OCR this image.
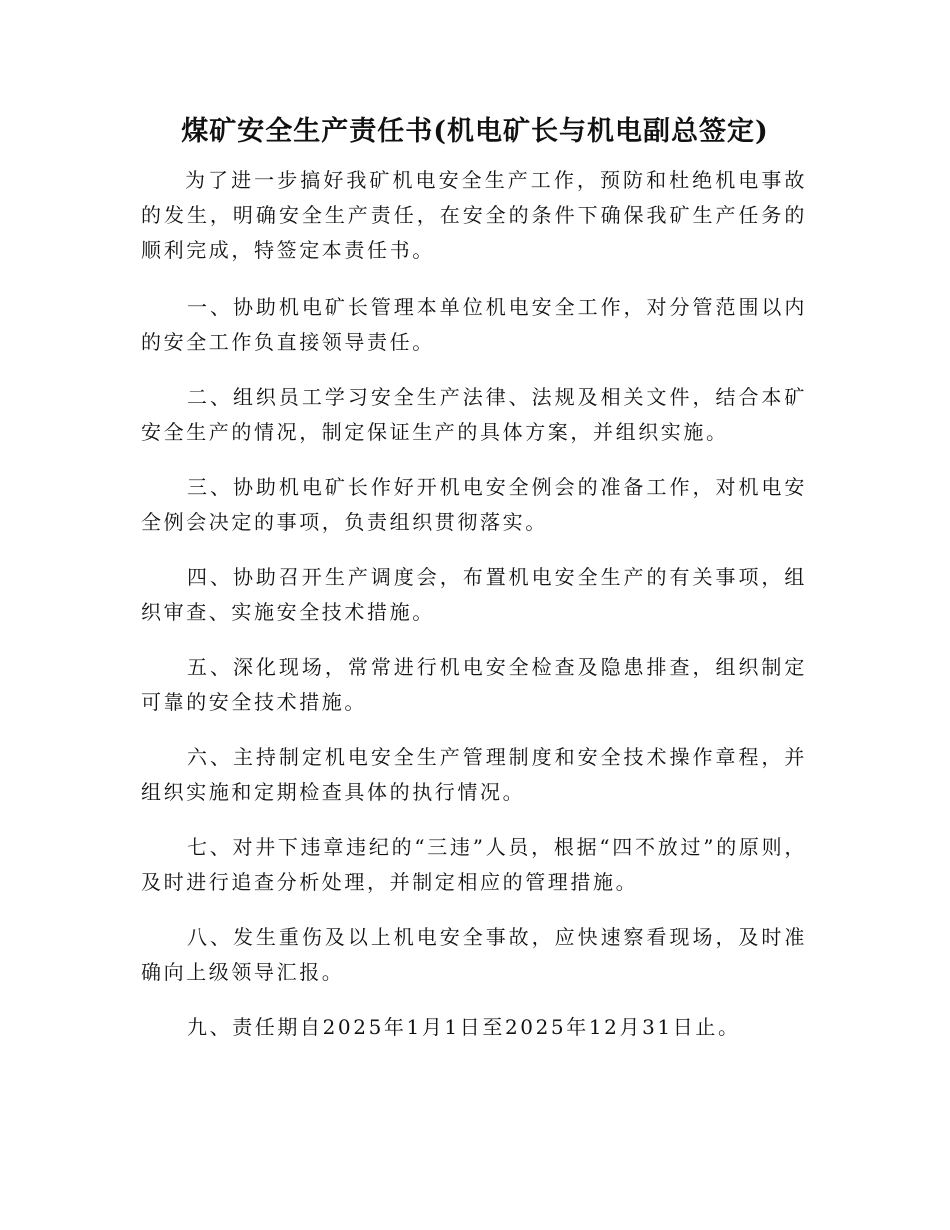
煤矿安全生产责任书(机电矿长与机电副总签定)

为了进一步搞好我矿机电安全生产工作，预防和杜绝机电事故的发生，明确安全生产责任，在安全的条件下确保我矿生产任务的顺利完成，特签定本责任书。

一、协助机电矿长管理本单位机电安全工作，对分管范围以内的安全工作负直接领导责任。

二、组织员工学习安全生产法律、法规及相关文件，结合本矿安全生产的情况，制定保证生产的具体方案，并组织实施。

三、协助机电矿长作好开机电安全例会的准备工作，对机电安全例会决定的事项，负责组织贯彻落实。

四、协助召开生产调度会，布置机电安全生产的有关事项，组织审查、实施安全技术措施。

五、深化现场，常常进行机电安全检查及隐患排查，组织制定可靠的安全技术措施。

六、主持制定机电安全生产管理制度和安全技术操作章程，并组织实施和定期检查具体的执行情况。

七、对井下违章违纪的“三违”人员，根据“四不放过”的原则，及时进行追查分析处理，并制定相应的管理措施。

八、发生重伤及以上机电安全事故，应快速察看现场，及时准确向上级领导汇报。

九、责任期自2025年1月1日至2025年12月31日止。
